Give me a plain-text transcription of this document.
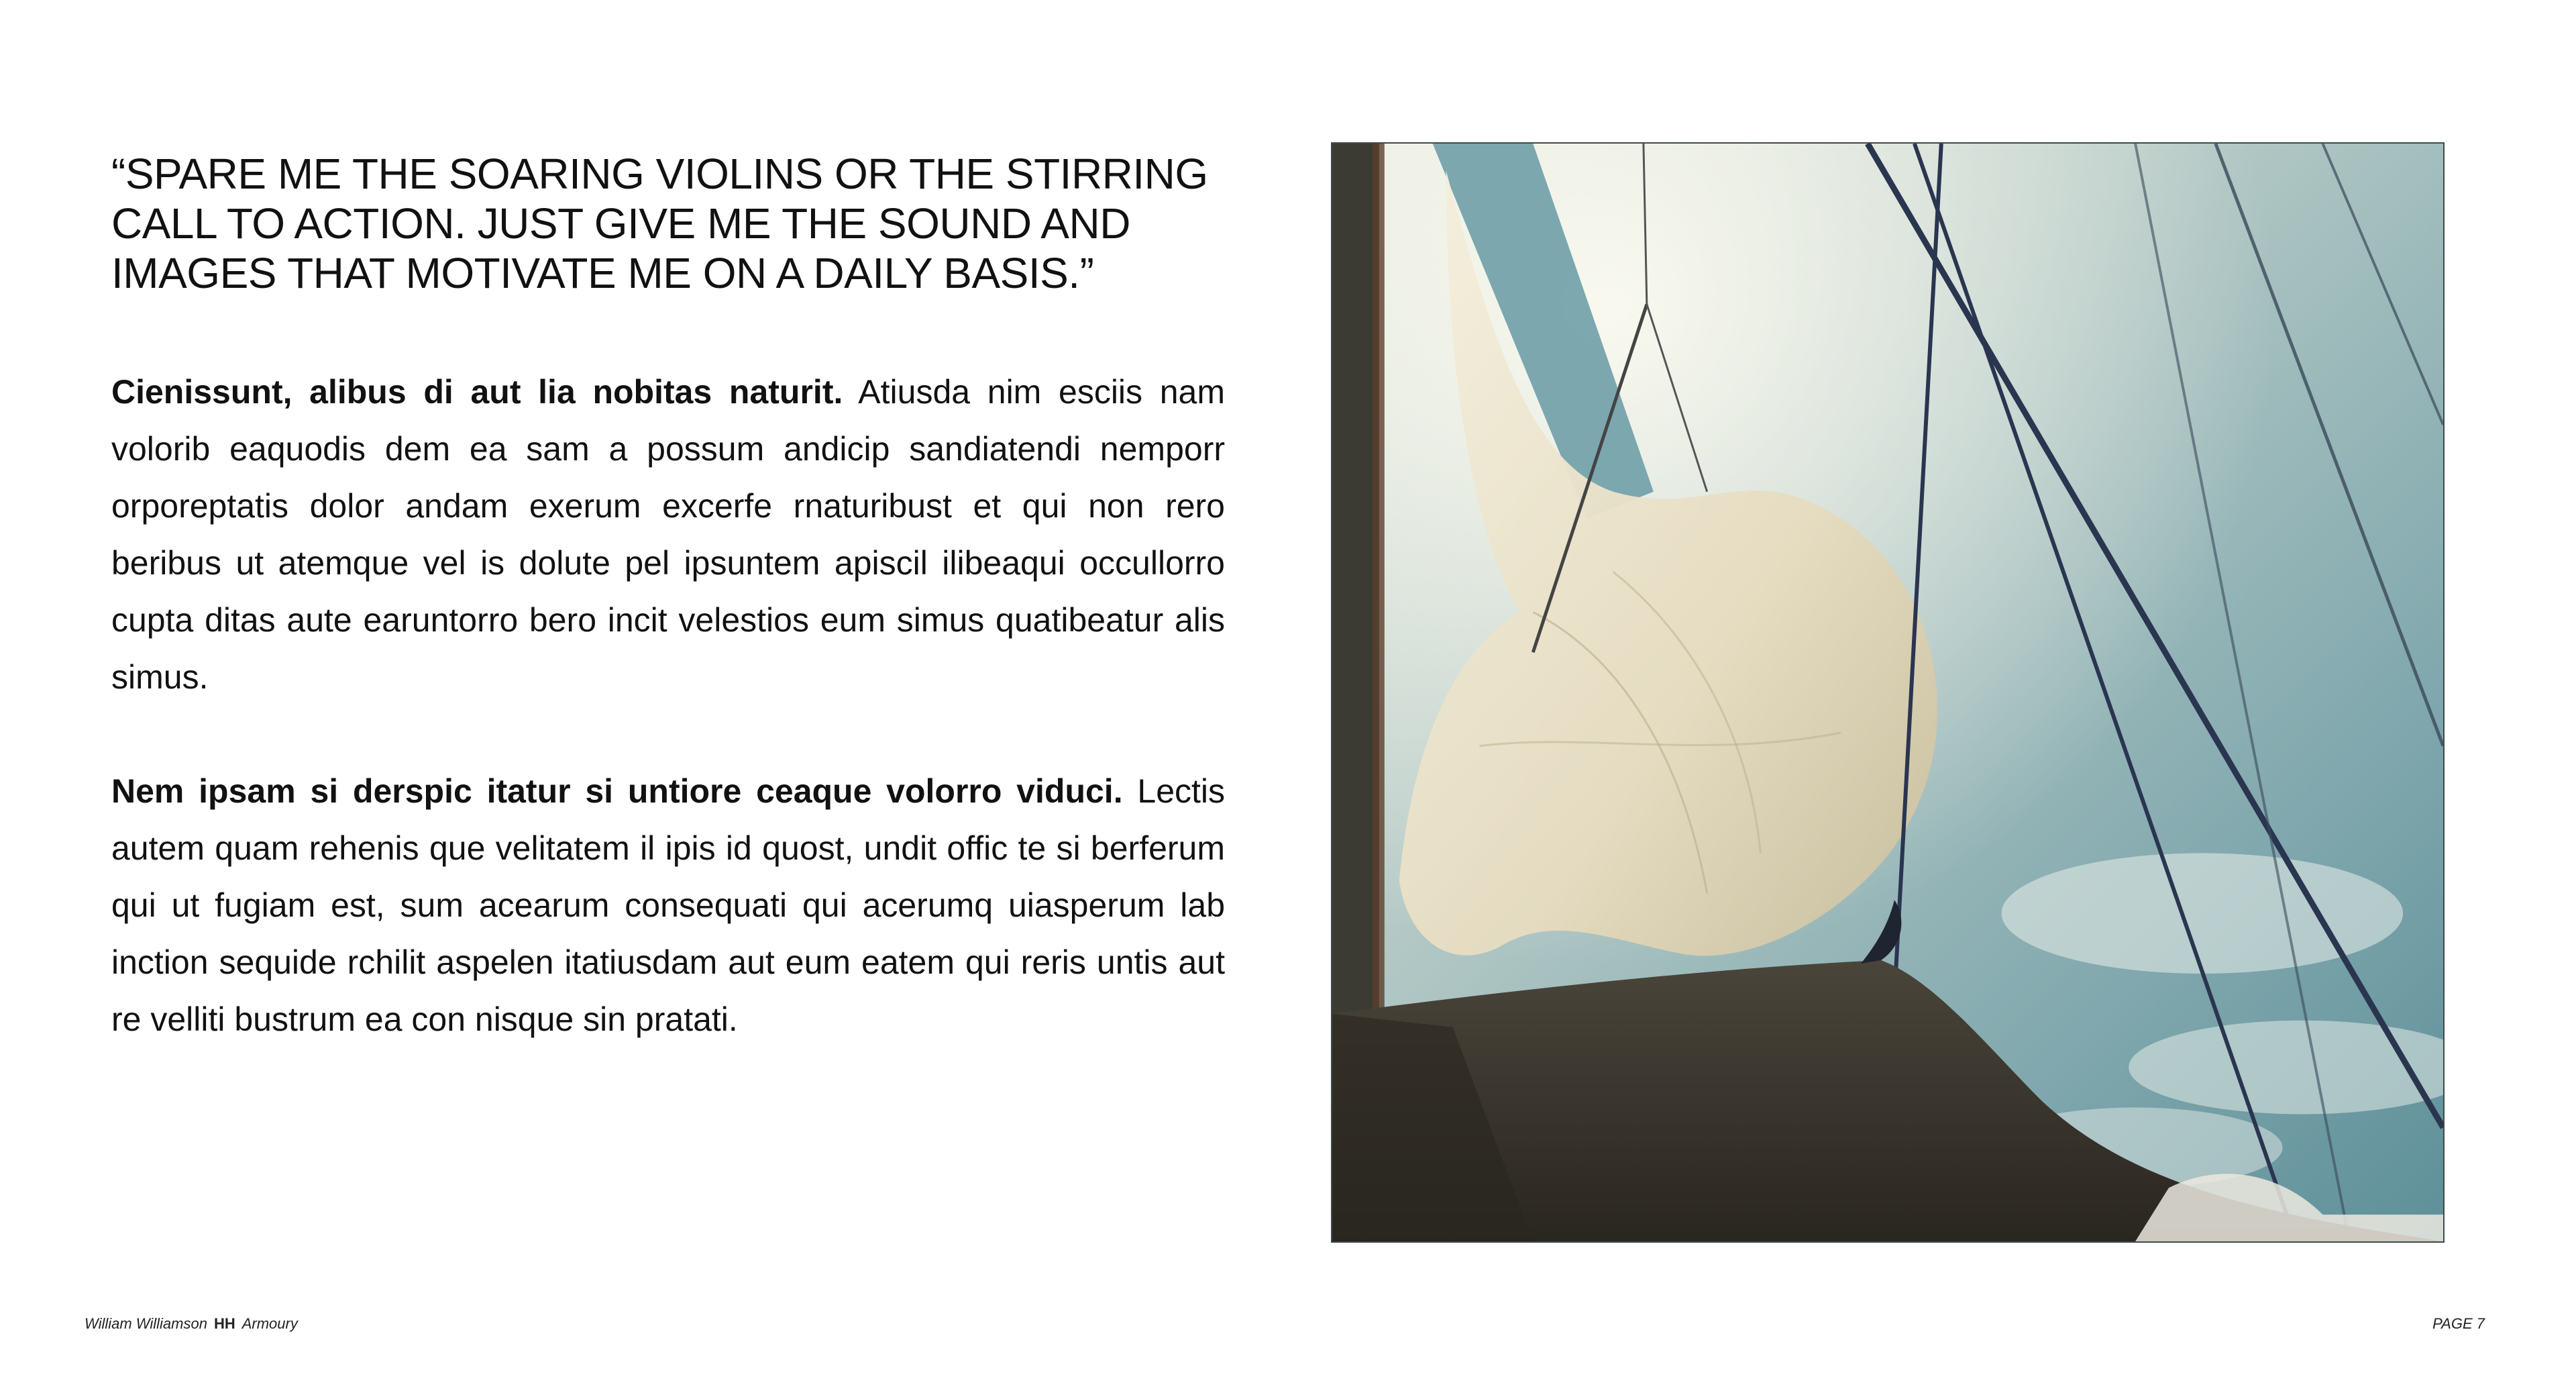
“SPARE ME THE SOARING VIOLINS OR THE STIRRING CALL TO ACTION. JUST GIVE ME THE SOUND AND IMAGES THAT MOTIVATE ME ON A DAILY BASIS.”

Cienissunt, alibus di aut lia nobitas naturit. Atiusda nim esciis nam volorib eaquodis dem ea sam a possum andicip sandiatendi nemporr orporeptatis dolor andam exerum excerfe rnaturibust et qui non rero beribus ut atemque vel is dolute pel ipsuntem apiscil ilibeaqui occullorro cupta ditas aute earuntorro bero incit velestios eum simus quatibeatur alis simus.

Nem ipsam si derspic itatur si untiore ceaque volorro viduci. Lectis autem quam rehenis que velitatem il ipis id quost, undit offic te si berferum qui ut fugiam est, sum acearum consequati qui acerumq uiasperum lab inction sequide rchilit aspelen itatiusdam aut eum eatem qui reris untis aut re velliti bustrum ea con nisque sin pratati.

William Williamson HH Armoury	PAGE 7
